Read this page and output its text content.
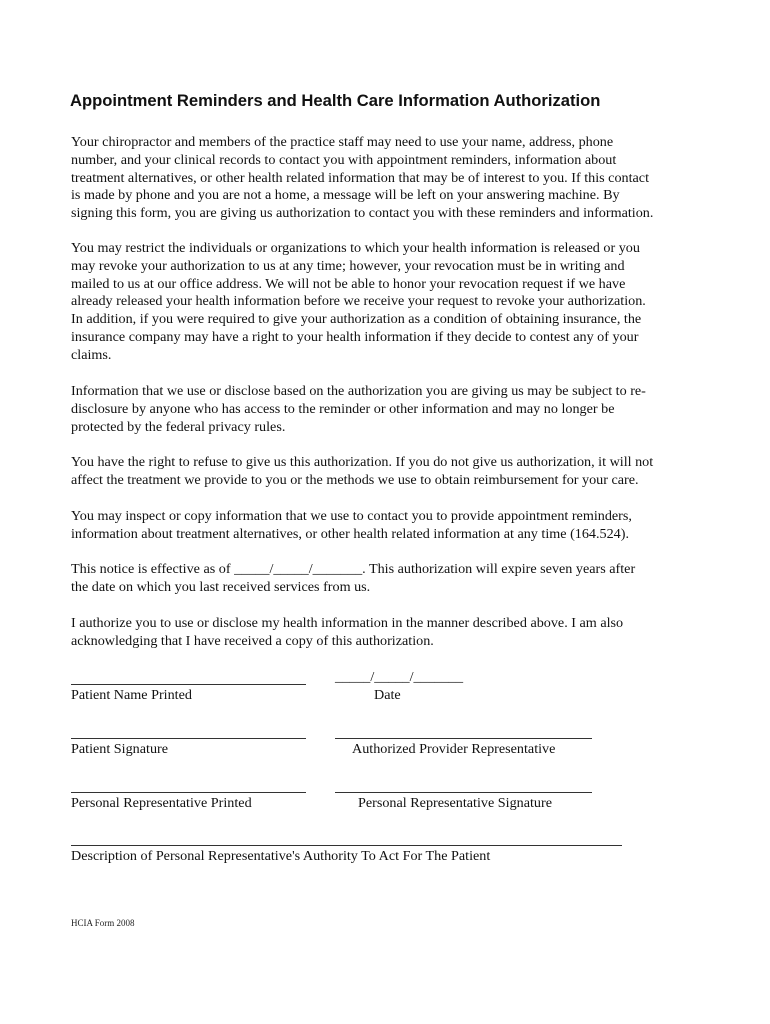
Appointment Reminders and Health Care Information Authorization

Your chiropractor and members of the practice staff may need to use your name, address, phone
number, and your clinical records to contact you with appointment reminders, information about
treatment alternatives, or other health related information that may be of interest to you. If this contact
is made by phone and you are not a home, a message will be left on your answering machine. By
signing this form, you are giving us authorization to contact you with these reminders and information.

You may restrict the individuals or organizations to which your health information is released or you
may revoke your authorization to us at any time; however, your revocation must be in writing and
mailed to us at our office address. We will not be able to honor your revocation request if we have
already released your health information before we receive your request to revoke your authorization.
In addition, if you were required to give your authorization as a condition of obtaining insurance, the
insurance company may have a right to your health information if they decide to contest any of your
claims.

Information that we use or disclose based on the authorization you are giving us may be subject to re-
disclosure by anyone who has access to the reminder or other information and may no longer be
protected by the federal privacy rules.

You have the right to refuse to give us this authorization. If you do not give us authorization, it will not
affect the treatment we provide to you or the methods we use to obtain reimbursement for your care.

You may inspect or copy information that we use to contact you to provide appointment reminders,
information about treatment alternatives, or other health related information at any time (164.524).

This notice is effective as of _____/_____/_______. This authorization will expire seven years after
the date on which you last received services from us.

I authorize you to use or disclose my health information in the manner described above. I am also
acknowledging that I have received a copy of this authorization.

_____/_____/_______
Patient Name Printed	Date
Patient Signature	Authorized Provider Representative
Personal Representative Printed	Personal Representative Signature
Description of Personal Representative's Authority To Act For The Patient
HCIA Form 2008
